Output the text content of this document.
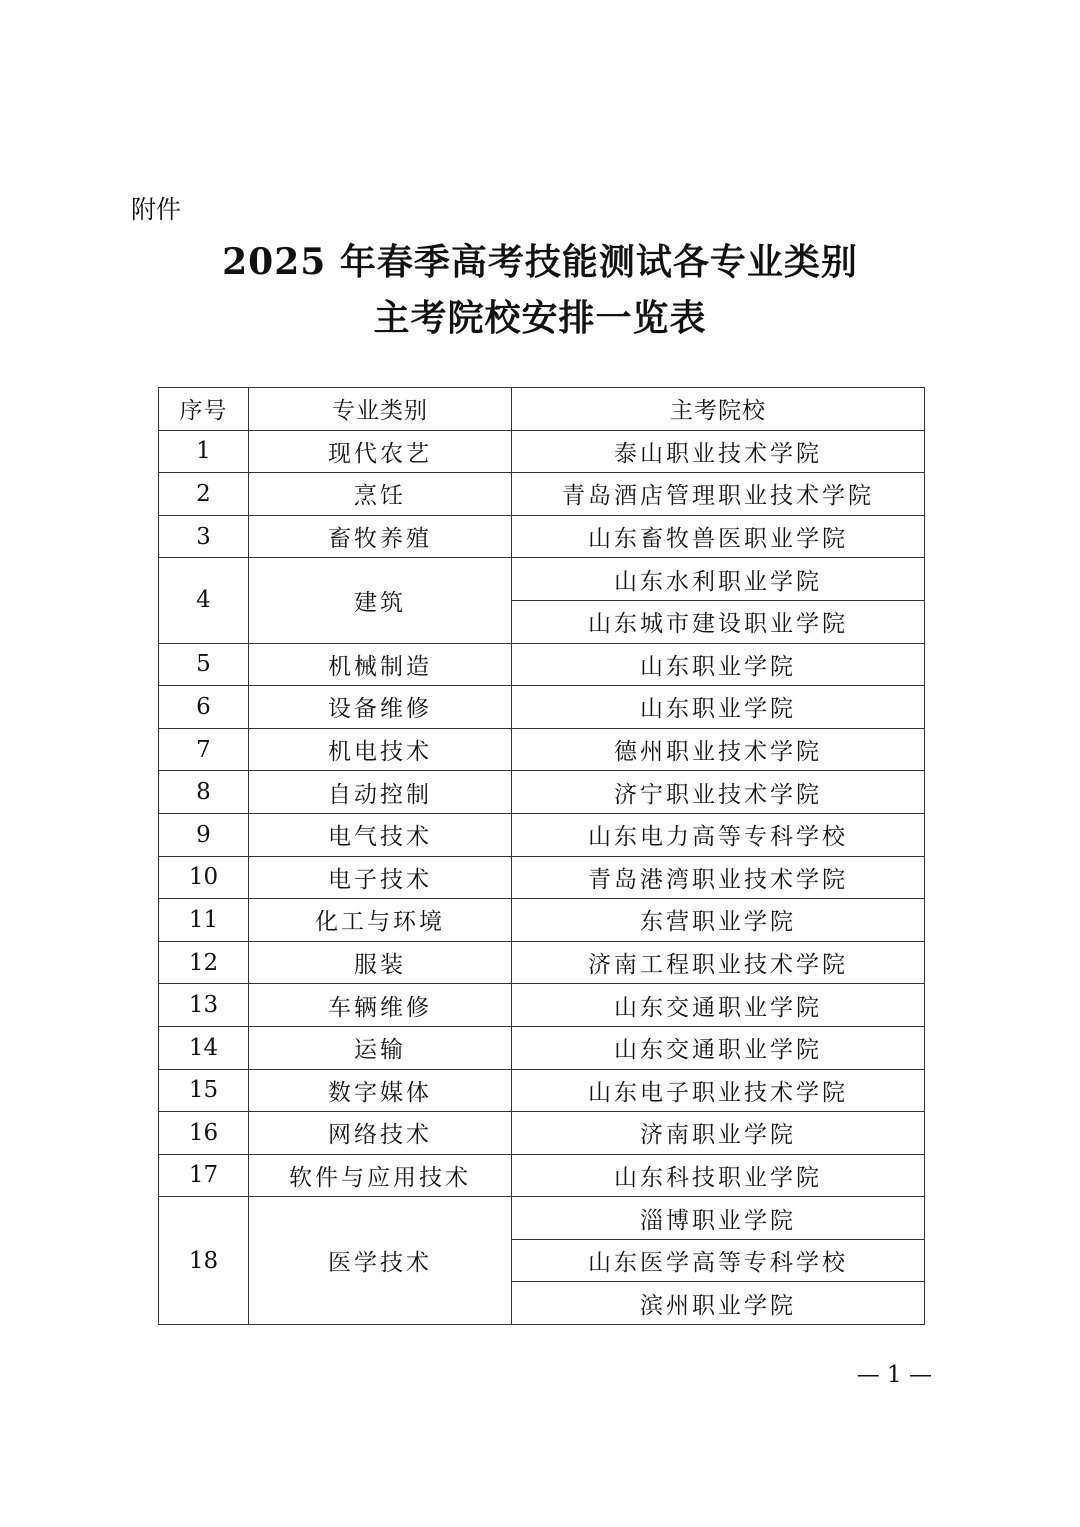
附件
2025 年春季高考技能测试各专业类别
主考院校安排一览表
序号	专业类别	主考院校
1	现代农艺	泰山职业技术学院
2	烹饪	青岛酒店管理职业技术学院
3	畜牧养殖	山东畜牧兽医职业学院
4	建筑	山东水利职业学院
		山东城市建设职业学院
5	机械制造	山东职业学院
6	设备维修	山东职业学院
7	机电技术	德州职业技术学院
8	自动控制	济宁职业技术学院
9	电气技术	山东电力高等专科学校
10	电子技术	青岛港湾职业技术学院
11	化工与环境	东营职业学院
12	服装	济南工程职业技术学院
13	车辆维修	山东交通职业学院
14	运输	山东交通职业学院
15	数字媒体	山东电子职业技术学院
16	网络技术	济南职业学院
17	软件与应用技术	山东科技职业学院
18	医学技术	淄博职业学院
		山东医学高等专科学校
		滨州职业学院
— 1 —
